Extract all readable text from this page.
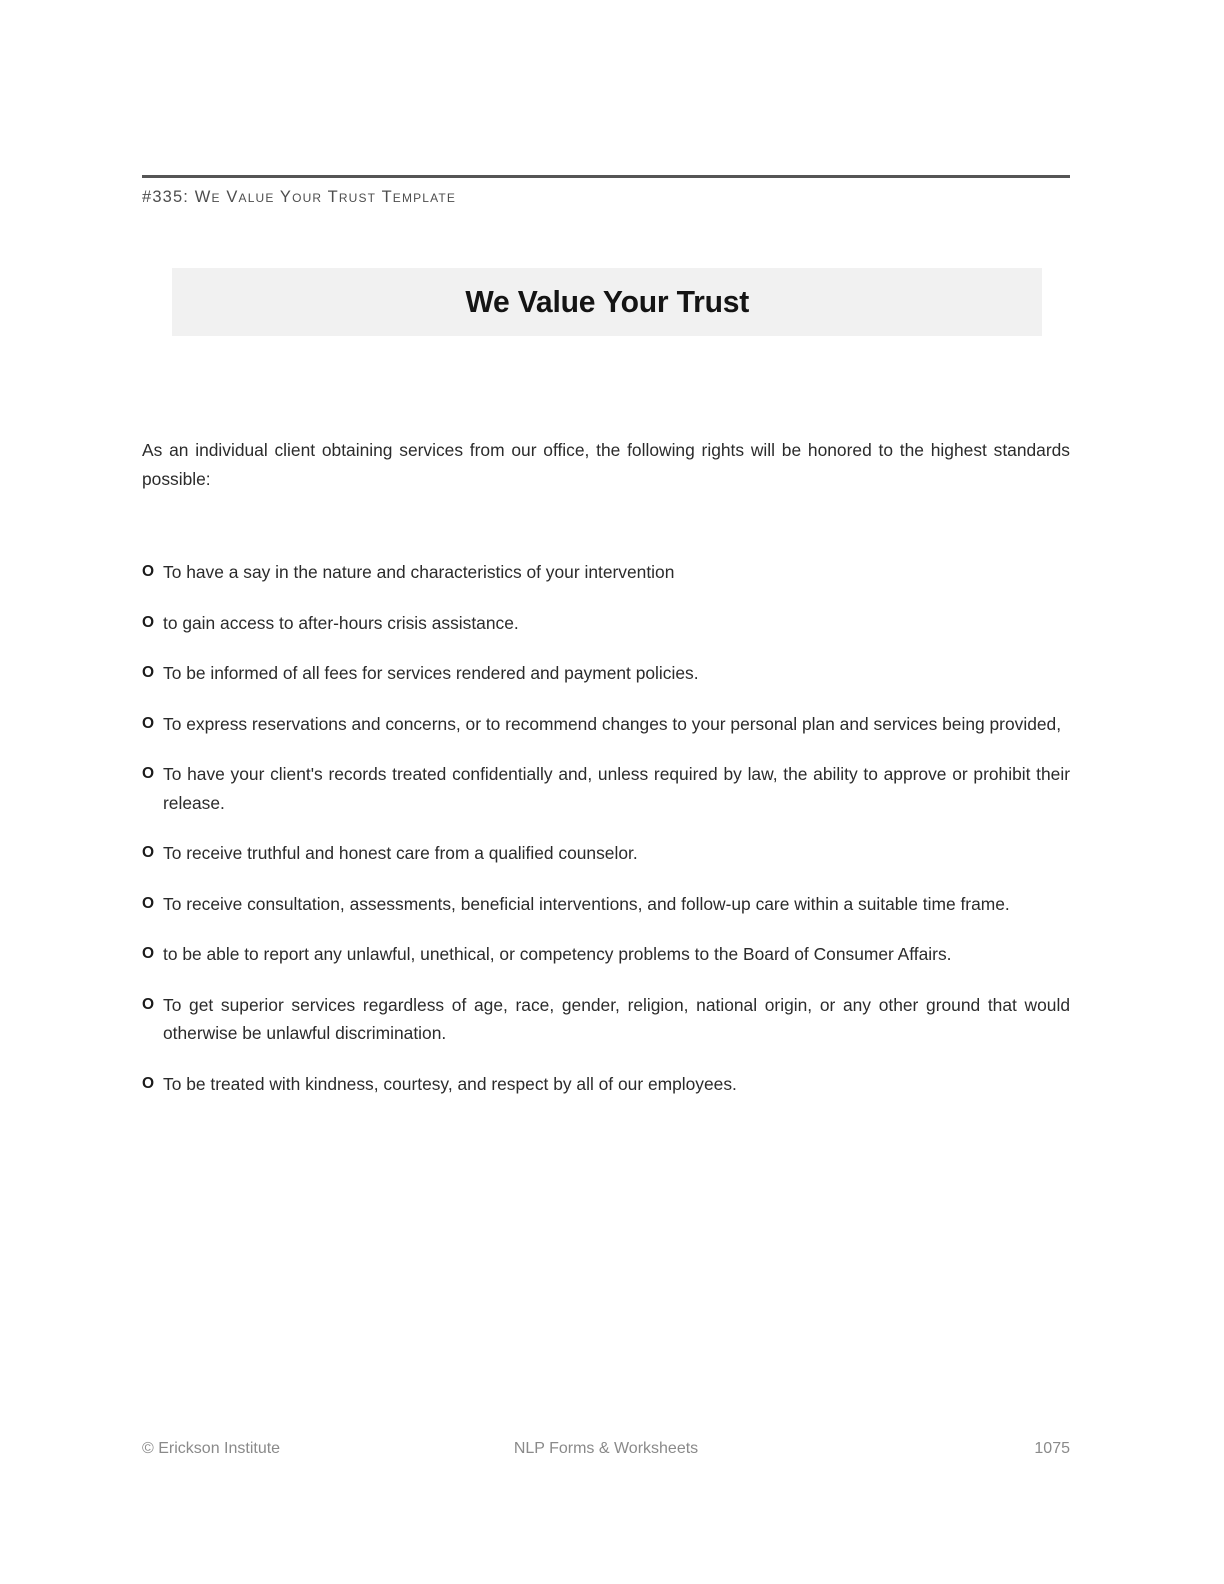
#335: We Value Your Trust Template
We Value Your Trust

As an individual client obtaining services from our office, the following rights will be honored to the highest standards possible:

O To have a say in the nature and characteristics of your intervention
O to gain access to after-hours crisis assistance.
O To be informed of all fees for services rendered and payment policies.
O To express reservations and concerns, or to recommend changes to your personal plan and services being provided,
O To have your client's records treated confidentially and, unless required by law, the ability to approve or prohibit their release.
O To receive truthful and honest care from a qualified counselor.
O To receive consultation, assessments, beneficial interventions, and follow-up care within a suitable time frame.
O to be able to report any unlawful, unethical, or competency problems to the Board of Consumer Affairs.
O To get superior services regardless of age, race, gender, religion, national origin, or any other ground that would otherwise be unlawful discrimination.
O To be treated with kindness, courtesy, and respect by all of our employees.
© Erickson Institute	NLP Forms & Worksheets	1075
